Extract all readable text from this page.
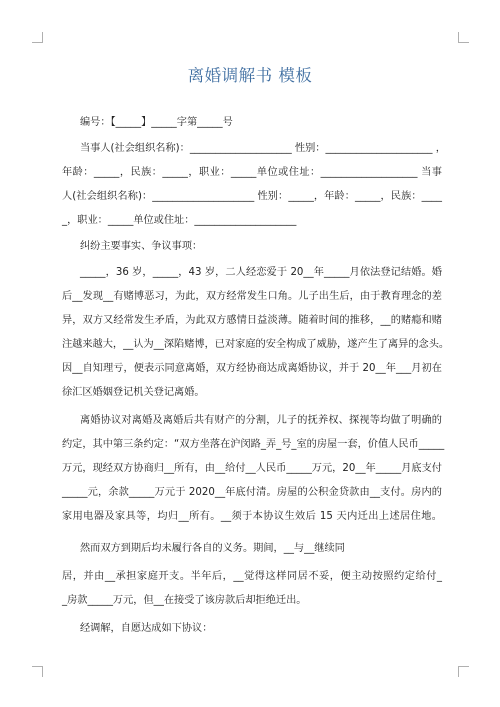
离婚调解书 模板
编号：【_____】_____字第_____号
当事人(社会组织名称)：____________________ 性别：_____________________ ，
年龄：_____，民族：_____，职业：_____单位或住址：___________________ 当事
人(社会组织名称)：____________________ 性别：_____，年龄：_____，民族：____
_，职业：_____单位或住址：____________________
纠纷主要事实、争议事项：
_____，36 岁，_____，43 岁，二人经恋爱于 20__年_____月依法登记结婚。婚
后__发现__有赌博恶习，为此，双方经常发生口角。儿子出生后，由于教育理念的差
异，双方又经常发生矛盾，为此双方感情日益淡薄。随着时间的推移，__的赌瘾和赌
注越来越大，__认为__深陷赌博，已对家庭的安全构成了威胁，遂产生了离异的念头。
因__自知理亏，便表示同意离婚，双方经协商达成离婚协议，并于 20__年___月初在
徐汇区婚姻登记机关登记离婚。
离婚协议对离婚及离婚后共有财产的分割，儿子的抚养权、探视等均做了明确的
约定，其中第三条约定：“双方坐落在沪闵路_弄_号_室的房屋一套，价值人民币_____
万元，现经双方协商归__所有，由__给付__人民币_____万元，20__年_____月底支付
_____元，余款_____万元于 2020__年底付清。房屋的公积金贷款由__支付。房内的
家用电器及家具等，均归__所有。__须于本协议生效后 15 天内迁出上述居住地。
然而双方到期后均未履行各自的义务。期间，__与__继续同
居，并由__承担家庭开支。半年后，__觉得这样同居不妥，便主动按照约定给付_
_房款_____万元，但__在接受了该房款后却拒绝迁出。
经调解，自愿达成如下协议：
